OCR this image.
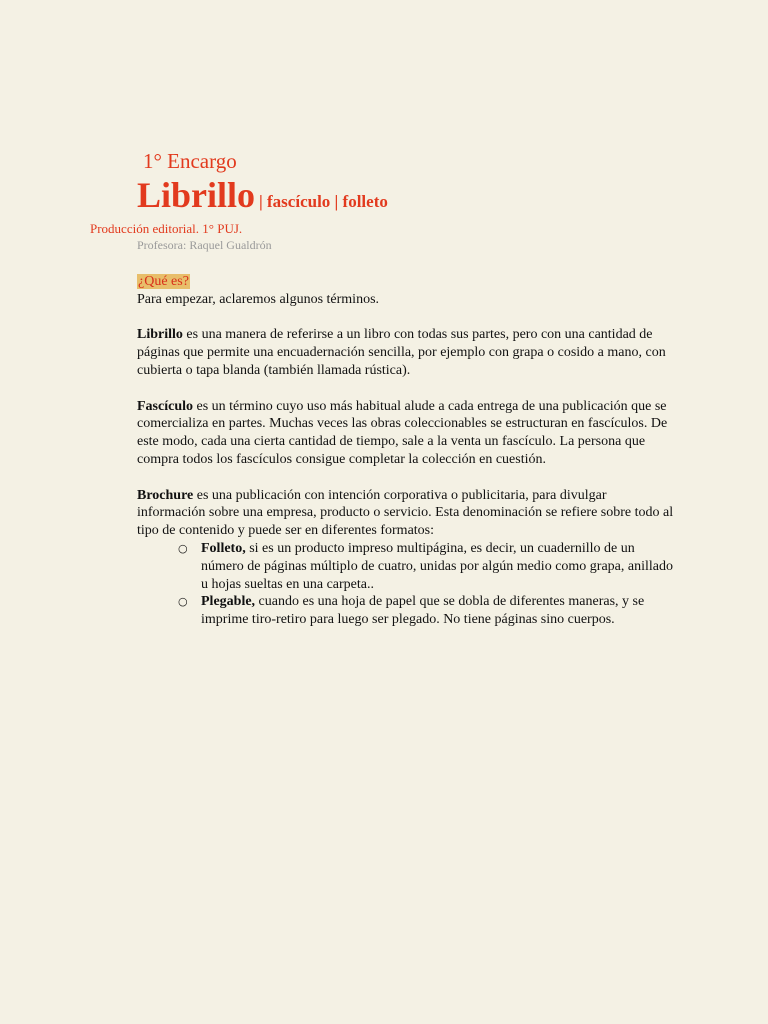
1° Encargo
Librillo | fascículo | folleto
Producción editorial. 1° PUJ.
Profesora: Raquel Gualdrón

¿Qué es?

Para empezar, aclaremos algunos términos.

Librillo es una manera de referirse a un libro con todas sus partes, pero con una cantidad de páginas que permite una encuadernación sencilla, por ejemplo con grapa o cosido a mano, con cubierta o tapa blanda (también llamada rústica).

Fascículo es un término cuyo uso más habitual alude a cada entrega de una publicación que se comercializa en partes. Muchas veces las obras coleccionables se estructuran en fascículos. De este modo, cada una cierta cantidad de tiempo, sale a la venta un fascículo. La persona que compra todos los fascículos consigue completar la colección en cuestión.

Brochure es una publicación con intención corporativa o publicitaria, para divulgar información sobre una empresa, producto o servicio. Esta denominación se refiere sobre todo al tipo de contenido y puede ser en diferentes formatos:

○ Folleto, si es un producto impreso multipágina, es decir, un cuadernillo de un número de páginas múltiplo de cuatro, unidas por algún medio como grapa, anillado u hojas sueltas en una carpeta..
○ Plegable, cuando es una hoja de papel que se dobla de diferentes maneras, y se imprime tiro-retiro para luego ser plegado. No tiene páginas sino cuerpos.
